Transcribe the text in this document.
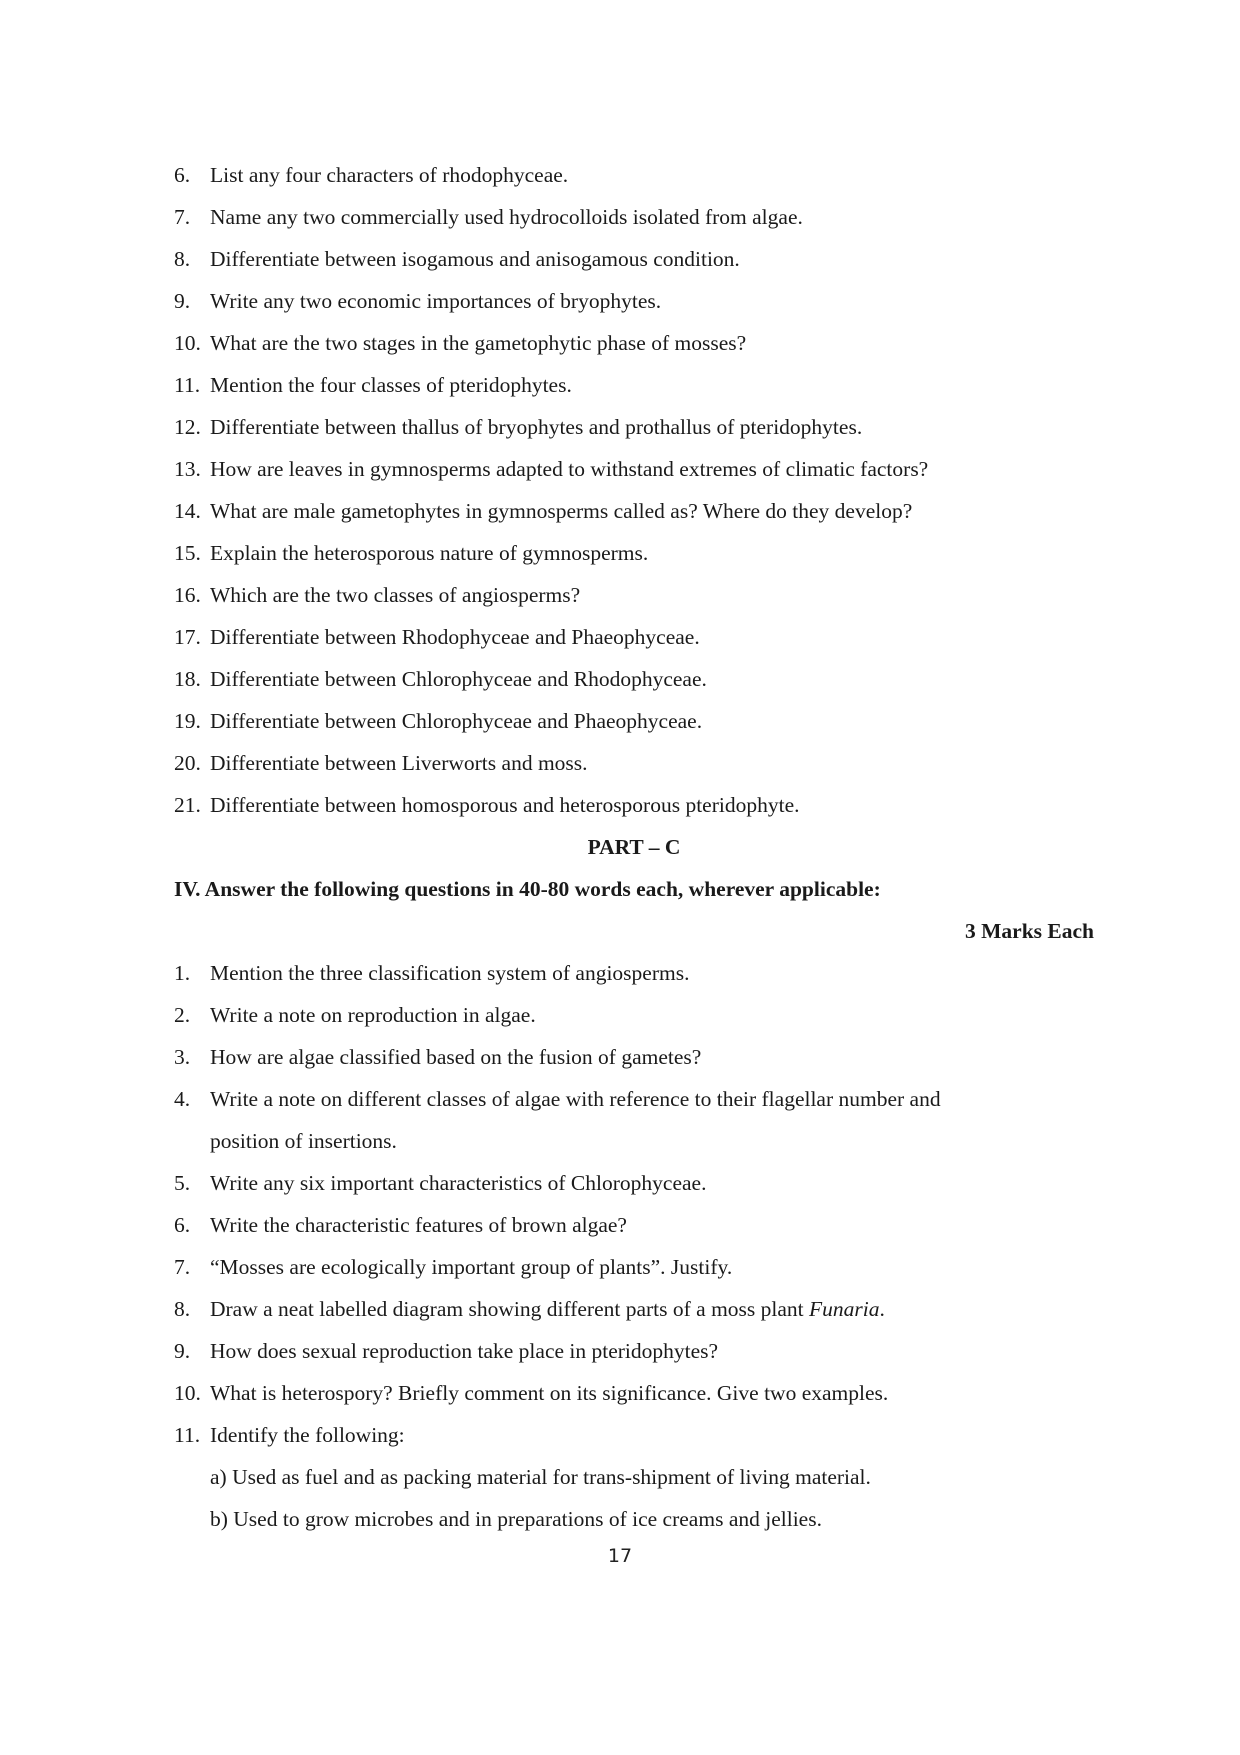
6. List any four characters of rhodophyceae.
7. Name any two commercially used hydrocolloids isolated from algae.
8. Differentiate between isogamous and anisogamous condition.
9. Write any two economic importances of bryophytes.
10. What are the two stages in the gametophytic phase of mosses?
11. Mention the four classes of pteridophytes.
12. Differentiate between thallus of bryophytes and prothallus of pteridophytes.
13. How are leaves in gymnosperms adapted to withstand extremes of climatic factors?
14. What are male gametophytes in gymnosperms called as? Where do they develop?
15. Explain the heterosporous nature of gymnosperms.
16. Which are the two classes of angiosperms?
17. Differentiate between Rhodophyceae and Phaeophyceae.
18. Differentiate between Chlorophyceae and Rhodophyceae.
19. Differentiate between Chlorophyceae and Phaeophyceae.
20. Differentiate between Liverworts and moss.
21. Differentiate between homosporous and heterosporous pteridophyte.
PART – C
IV. Answer the following questions in 40-80 words each, wherever applicable:
3 Marks Each
1. Mention the three classification system of angiosperms.
2. Write a note on reproduction in algae.
3. How are algae classified based on the fusion of gametes?
4. Write a note on different classes of algae with reference to their flagellar number and
position of insertions.
5. Write any six important characteristics of Chlorophyceae.
6. Write the characteristic features of brown algae?
7. “Mosses are ecologically important group of plants”. Justify.
8. Draw a neat labelled diagram showing different parts of a moss plant Funaria.
9. How does sexual reproduction take place in pteridophytes?
10. What is heterospory? Briefly comment on its significance. Give two examples.
11. Identify the following:
a) Used as fuel and as packing material for trans-shipment of living material.
b) Used to grow microbes and in preparations of ice creams and jellies.
17
